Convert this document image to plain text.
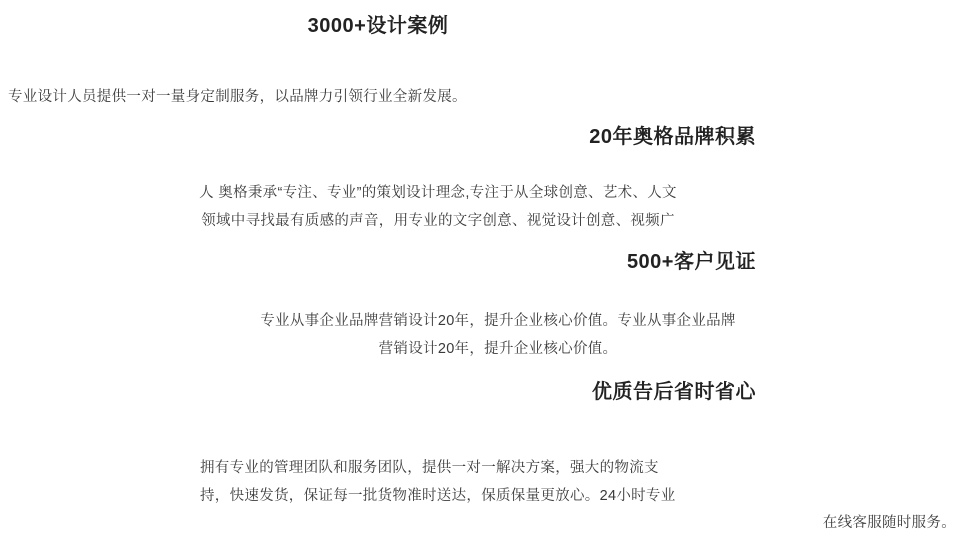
3000+设计案例
专业设计人员提供一对一量身定制服务，以品牌力引领行业全新发展。
20年奥格品牌积累
人 奥格秉承“专注、专业”的策划设计理念,专注于从全球创意、艺术、人文
领域中寻找最有质感的声音，用专业的文字创意、视觉设计创意、视频广
500+客户见证
专业从事企业品牌营销设计20年，提升企业核心价值。专业从事企业品牌
营销设计20年，提升企业核心价值。
优质告后省时省心
拥有专业的管理团队和服务团队，提供一对一解决方案，强大的物流支
持，快速发货，保证每一批货物准时送达，保质保量更放心。24小时专业
在线客服随时服务。
